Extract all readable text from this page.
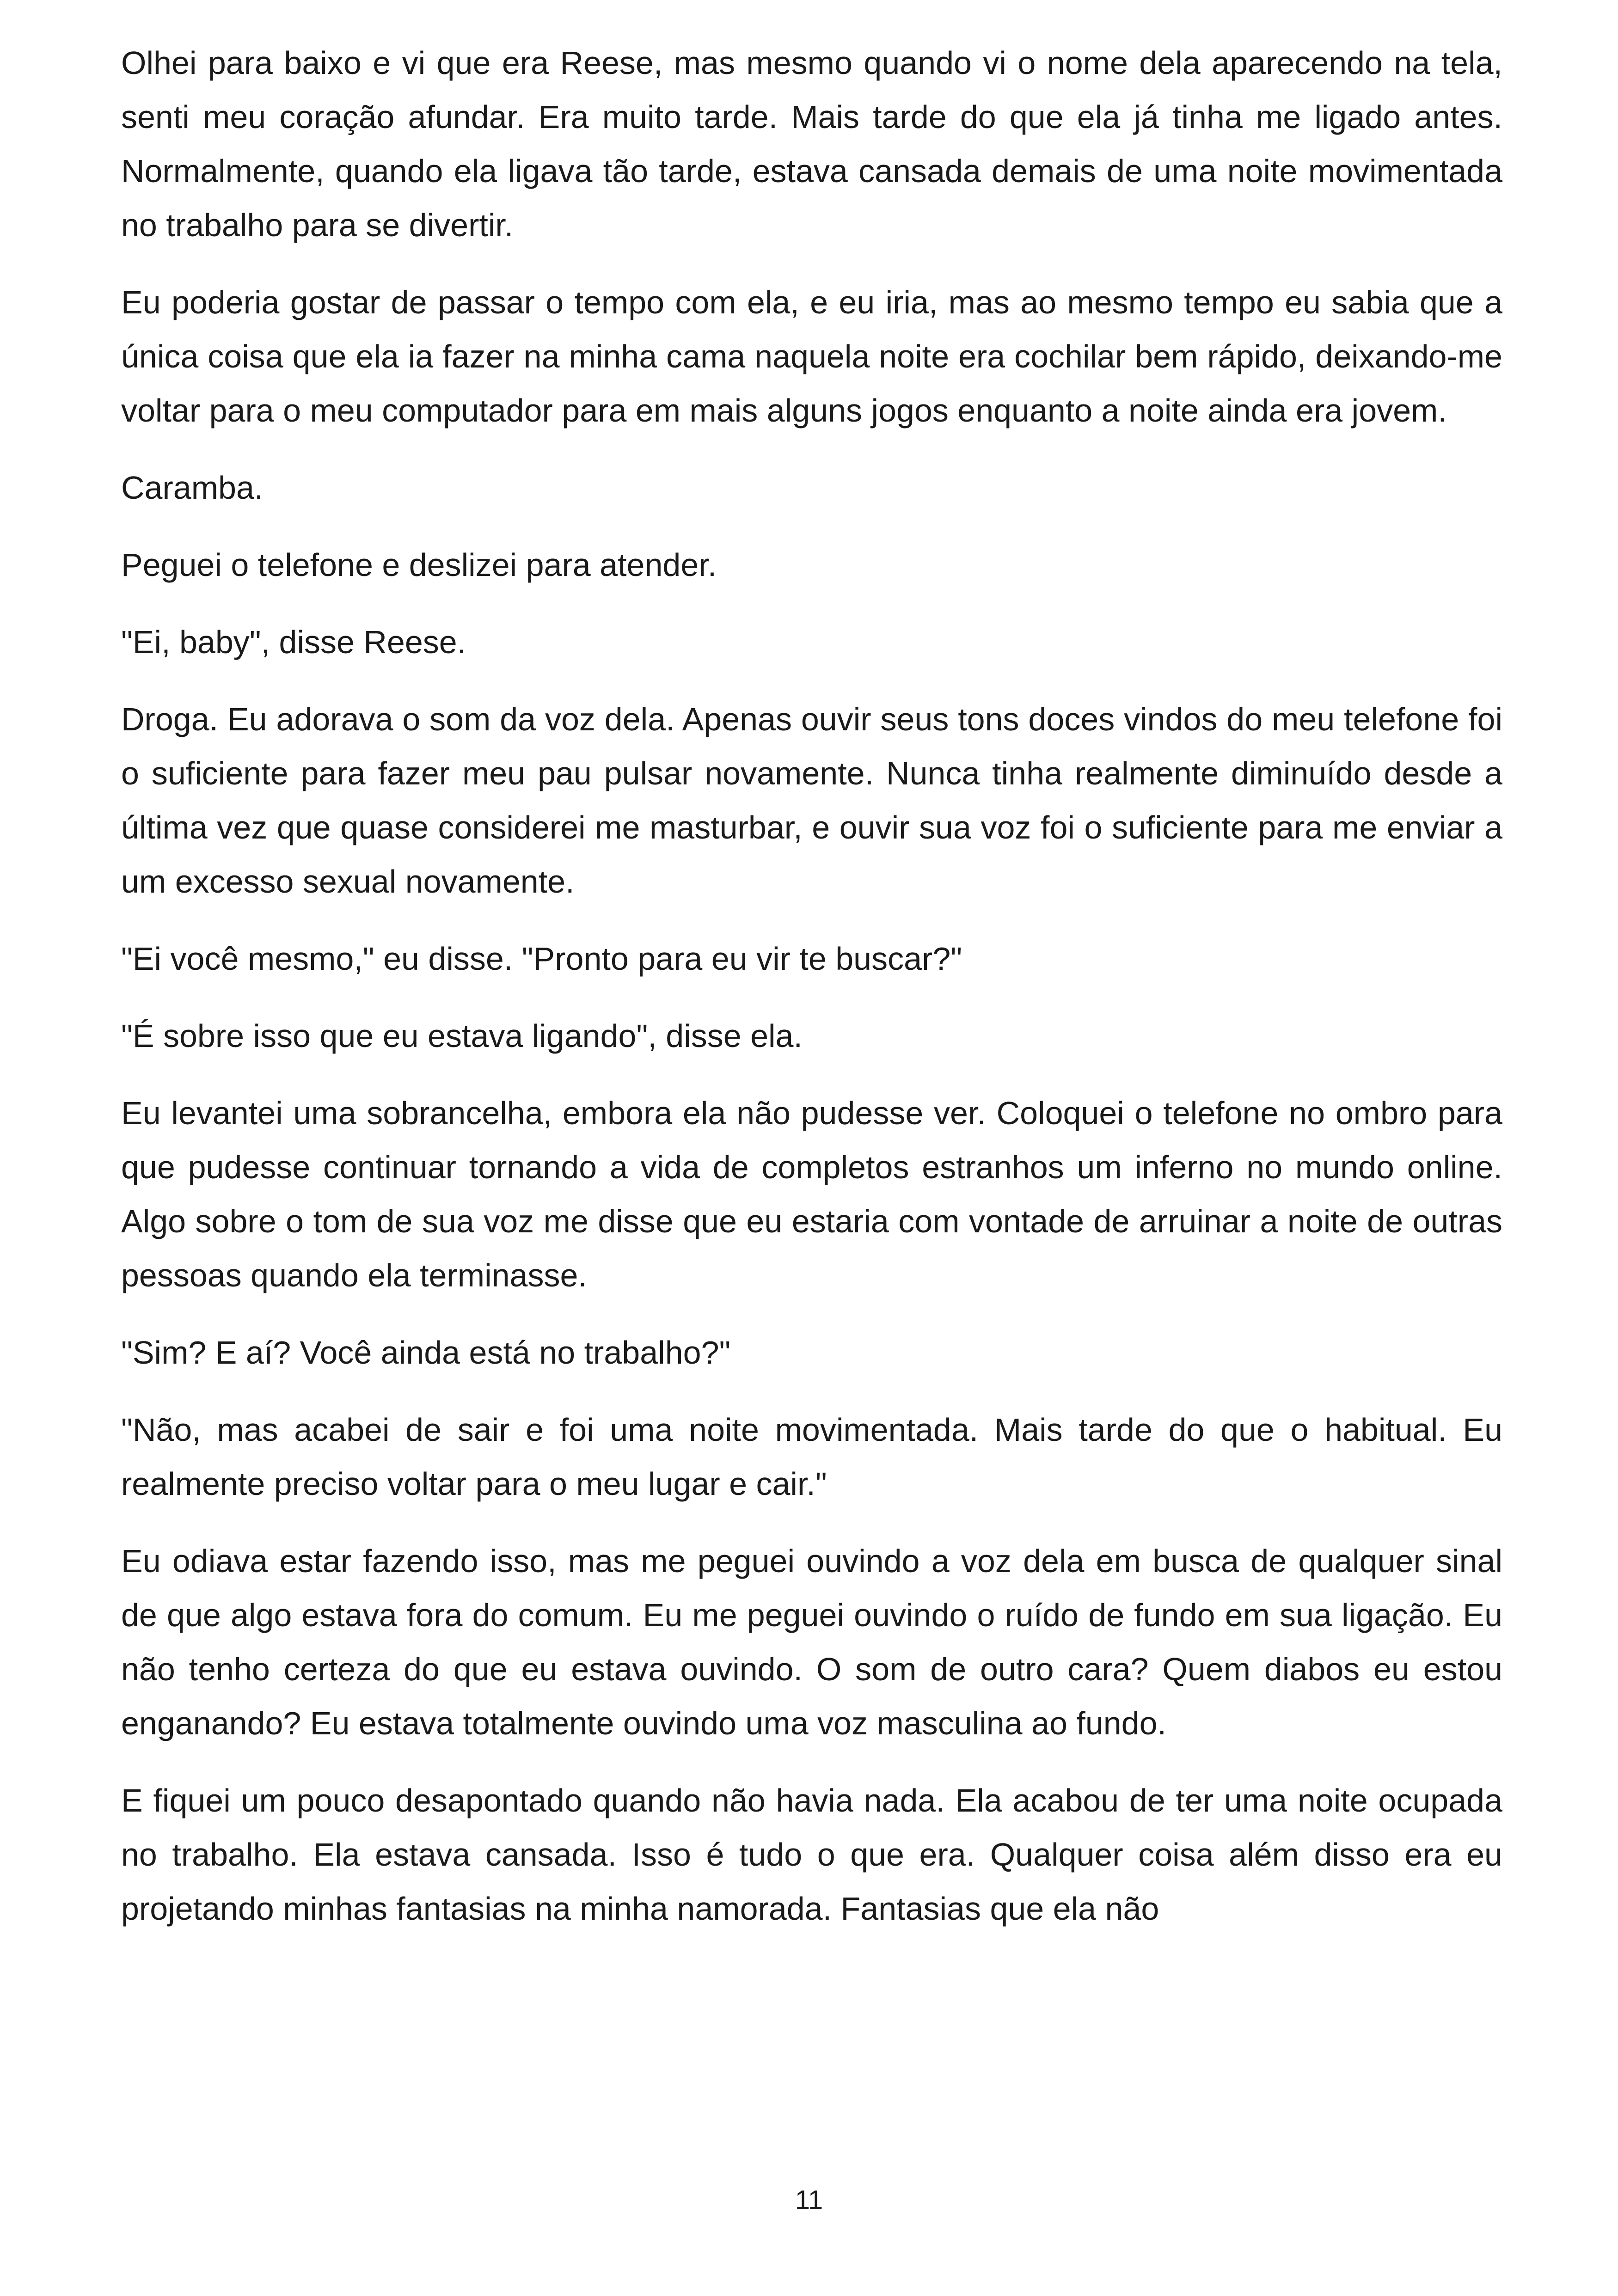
Olhei para baixo e vi que era Reese, mas mesmo quando vi o nome dela aparecendo na tela, senti meu coração afundar. Era muito tarde. Mais tarde do que ela já tinha me ligado antes. Normalmente, quando ela ligava tão tarde, estava cansada demais de uma noite movimentada no trabalho para se divertir.

Eu poderia gostar de passar o tempo com ela, e eu iria, mas ao mesmo tempo eu sabia que a única coisa que ela ia fazer na minha cama naquela noite era cochilar bem rápido, deixando-me voltar para o meu computador para em mais alguns jogos enquanto a noite ainda era jovem.

Caramba.

Peguei o telefone e deslizei para atender.

"Ei, baby", disse Reese.

Droga. Eu adorava o som da voz dela. Apenas ouvir seus tons doces vindos do meu telefone foi o suficiente para fazer meu pau pulsar novamente. Nunca tinha realmente diminuído desde a última vez que quase considerei me masturbar, e ouvir sua voz foi o suficiente para me enviar a um excesso sexual novamente.

"Ei você mesmo," eu disse. "Pronto para eu vir te buscar?"

"É sobre isso que eu estava ligando", disse ela.

Eu levantei uma sobrancelha, embora ela não pudesse ver. Coloquei o telefone no ombro para que pudesse continuar tornando a vida de completos estranhos um inferno no mundo online. Algo sobre o tom de sua voz me disse que eu estaria com vontade de arruinar a noite de outras pessoas quando ela terminasse.

"Sim? E aí? Você ainda está no trabalho?"

"Não, mas acabei de sair e foi uma noite movimentada. Mais tarde do que o habitual. Eu realmente preciso voltar para o meu lugar e cair."

Eu odiava estar fazendo isso, mas me peguei ouvindo a voz dela em busca de qualquer sinal de que algo estava fora do comum. Eu me peguei ouvindo o ruído de fundo em sua ligação. Eu não tenho certeza do que eu estava ouvindo. O som de outro cara? Quem diabos eu estou enganando? Eu estava totalmente ouvindo uma voz masculina ao fundo.

E fiquei um pouco desapontado quando não havia nada. Ela acabou de ter uma noite ocupada no trabalho. Ela estava cansada. Isso é tudo o que era. Qualquer coisa além disso era eu projetando minhas fantasias na minha namorada. Fantasias que ela não

11
